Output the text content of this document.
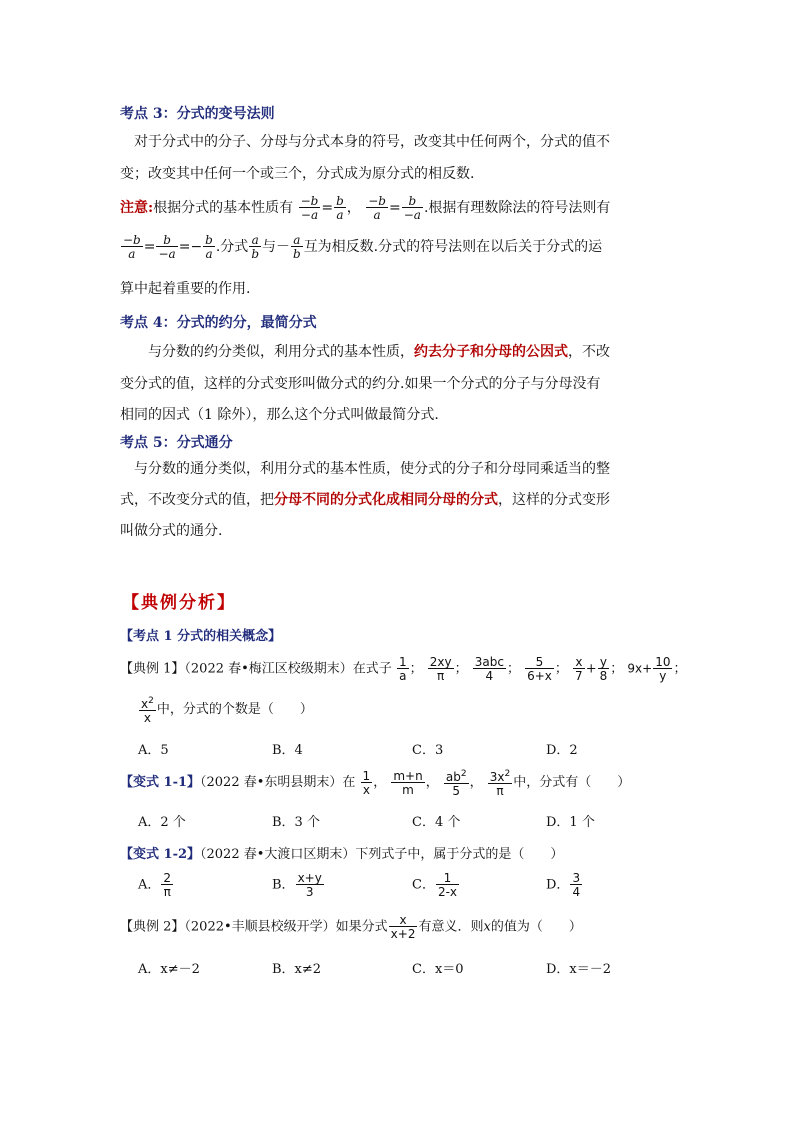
考点 3：分式的变号法则
对于分式中的分子、分母与分式本身的符号，改变其中任何两个，分式的值不
变；改变其中任何一个或三个，分式成为原分式的相反数.
注意:根据分式的基本性质有 $\frac{-b}{-a} = \frac{b}{a}$ ， $\frac{-b}{a} = \frac{b}{-a}$ .根据有理数除法的符号法则有
$\frac{-b}{a} = \frac{b}{-a} =- \frac{b}{a}$ .分式 $\frac{a}{b}$ 与－ $\frac{a}{b}$ 互为相反数.分式的符号法则在以后关于分式的运
算中起着重要的作用.
考点 4：分式的约分，最简分式
与分数的约分类似，利用分式的基本性质，约去分子和分母的公因式，不改
变分式的值，这样的分式变形叫做分式的约分.如果一个分式的分子与分母没有
相同的因式（1 除外），那么这个分式叫做最简分式.
考点 5：分式通分
与分数的通分类似，利用分式的基本性质，使分式的分子和分母同乘适当的整
式，不改变分式的值，把分母不同的分式化成相同分母的分式，这样的分式变形
叫做分式的通分.
【典例分析】
【考点 1 分式的相关概念】
【典例 1】（2022 春•梅江区校级期末）在式子 $\frac{1}{a}$ ； $\frac{2xy}{\pi}$ ； $\frac{\text{3abc}}{4}$ ； $\frac{5}{6+x}$ ； $\frac{x}{7} + \frac{y}{8}$ ； $9x+ \frac{10}{y}$ ；
$\frac{x^2}{x}$ 中，分式的个数是（　　）
A．5	B．4	C．3	D．2
【变式 1-1】（2022 春•东明县期末）在 $\frac{1}{x}$ ， $\frac{m+n}{m}$ ， $\frac{ab^2}{5}$ ， $\frac{3x^2}{\pi}$ 中，分式有（　　）
A．2 个	B．3 个	C．4 个	D．1 个
【变式 1-2】（2022 春•大渡口区期末）下列式子中，属于分式的是（　　）
A． $\frac{2}{\pi}$	B． $\frac{x+y}{3}$	C． $\frac{1}{2-x}$	D． $\frac{3}{4}$
【典例 2】（2022•丰顺县校级开学）如果分式 $\frac{x}{x+2}$ 有意义．则x的值为（　　）
A．x≠－2	B．x≠2	C．x＝0	D．x＝－2
